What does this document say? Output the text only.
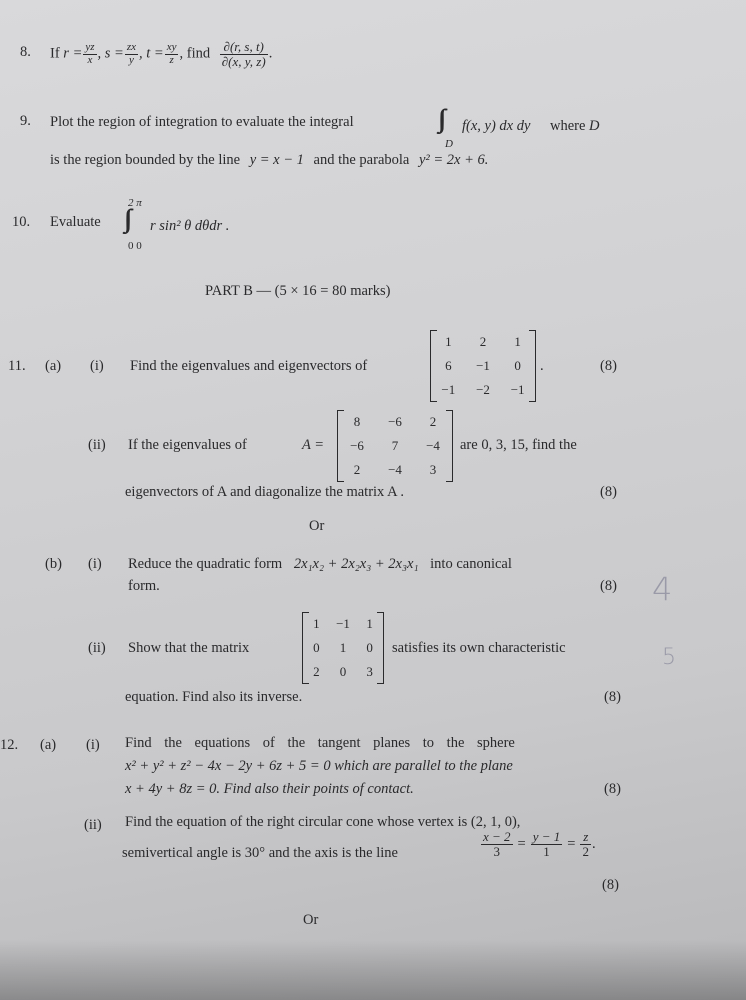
8. If $r = \frac{yz}{x}$ , $s = \frac{zx}{y}$ , $t = \frac{xy}{z}$ , find $\frac{\partial(r, s, t)}{\partial(x, y, z)}$ .
9. Plot the region of integration to evaluate the integral	∫∫
D
f(x, y) dx dy where D
is the region bounded by the line y = x − 1 and the parabola y² = 2x + 6.
10. Evaluate
2 π
∫∫
0 0
r sin² θ dθdr .
PART B — (5 × 16 = 80 marks)
11. (a) (i) Find the eigenvalues and eigenvectors of
1	2	1
6	−1	0
−1	−2	−1
.	(8)
(ii) If the eigenvalues of	A =
8	−6	2
−6	7	−4
2	−4	3
are 0, 3, 15, find the
eigenvectors of A and diagonalize the matrix A .	(8)
Or
(b) (i) Reduce the quadratic form 2x₁x₂ + 2x₂x₃ + 2x₃x₁ into canonical
form.	(8)
(ii) Show that the matrix
1	−1	1
0	1	0
2	0	3
satisfies its own characteristic
equation. Find also its inverse.	(8)
12. (a) (i) Find the equations of the tangent planes to the sphere
x² + y² + z² − 4x − 2y + 6z + 5 = 0 which are parallel to the plane
x + 4y + 8z = 0. Find also their points of contact.	(8)
(ii) Find the equation of the right circular cone whose vertex is (2, 1, 0),
semivertical angle is 30° and the axis is the line	$\frac{x - 2}{3} = \frac{y - 1}{1} = \frac{z}{2}$ .
(8)
Or
4
5
